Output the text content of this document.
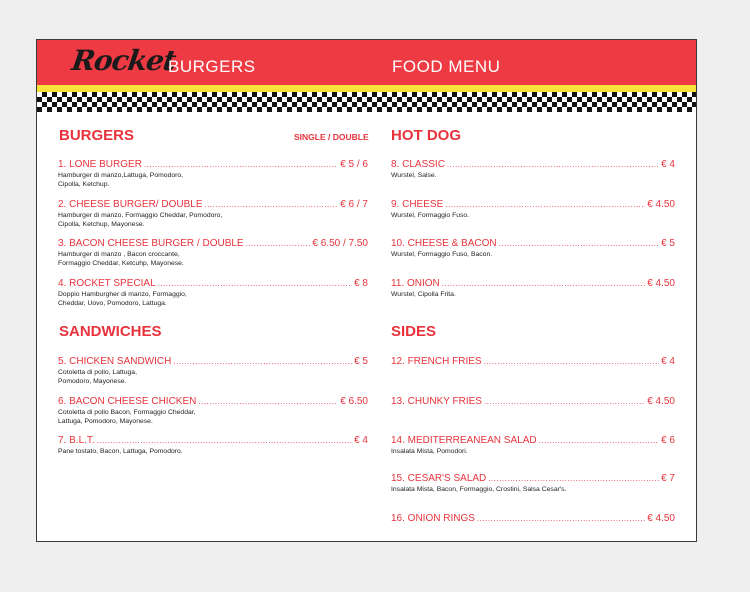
Rocket
BURGERS	FOOD MENU
BURGERS	SINGLE / DOUBLE
SANDWICHES
HOT DOG
SIDES
1. LONE BURGER .....	€ 5 / 6
Hamburger di manzo,Lattuga, Pomodoro,
Cipolla, Ketchup.
2. CHEESE BURGER/ DOUBLE .....	€ 6 / 7
Hamburger di manzo, Formaggio Cheddar, Pomodoro,
Cipolla, Ketchup, Mayonese.
3. BACON CHEESE BURGER / DOUBLE .....	€ 6.50 / 7.50
Hamburger di manzo , Bacon croccante,
Formaggio Cheddar, Ketcuhp, Mayonese.
4. ROCKET SPECIAL .....	€ 8
Doppio Hamburgher di manzo, Formaggio,
Cheddar, Uovo, Pomodoro, Lattuga.
5. CHICKEN SANDWICH .....	€ 5
Cotoletta di pollo, Lattuga,
Pomodoro, Mayonese.
6. BACON CHEESE CHICKEN .....	€ 6.50
Cotoletta di pollo Bacon, Formaggio Cheddar,
Lattuga, Pomodoro, Mayonese.
7. B.L.T. .....	€ 4
Pane tostato, Bacon, Lattuga, Pomodoro.
8. CLASSIC .....	€ 4
Wurstel, Salse.
9. CHEESE .....	€ 4.50
Wurstel, Formaggio Fuso.
10. CHEESE & BACON .....	€ 5
Wurstel, Formaggio Fuso, Bacon.
11. ONION .....	€ 4.50
Wurstel, Cipolla Frita.
12. FRENCH FRIES .....	€ 4
13. CHUNKY FRIES .....	€ 4.50
14. MEDITERREANEAN SALAD .....	€ 6
Insalata Mista, Pomodori.
15. CESAR'S SALAD .....	€ 7
Insalata Mista, Bacon, Formaggio, Crostini, Salsa Cesar's.
16. ONION RINGS .....	€ 4.50
